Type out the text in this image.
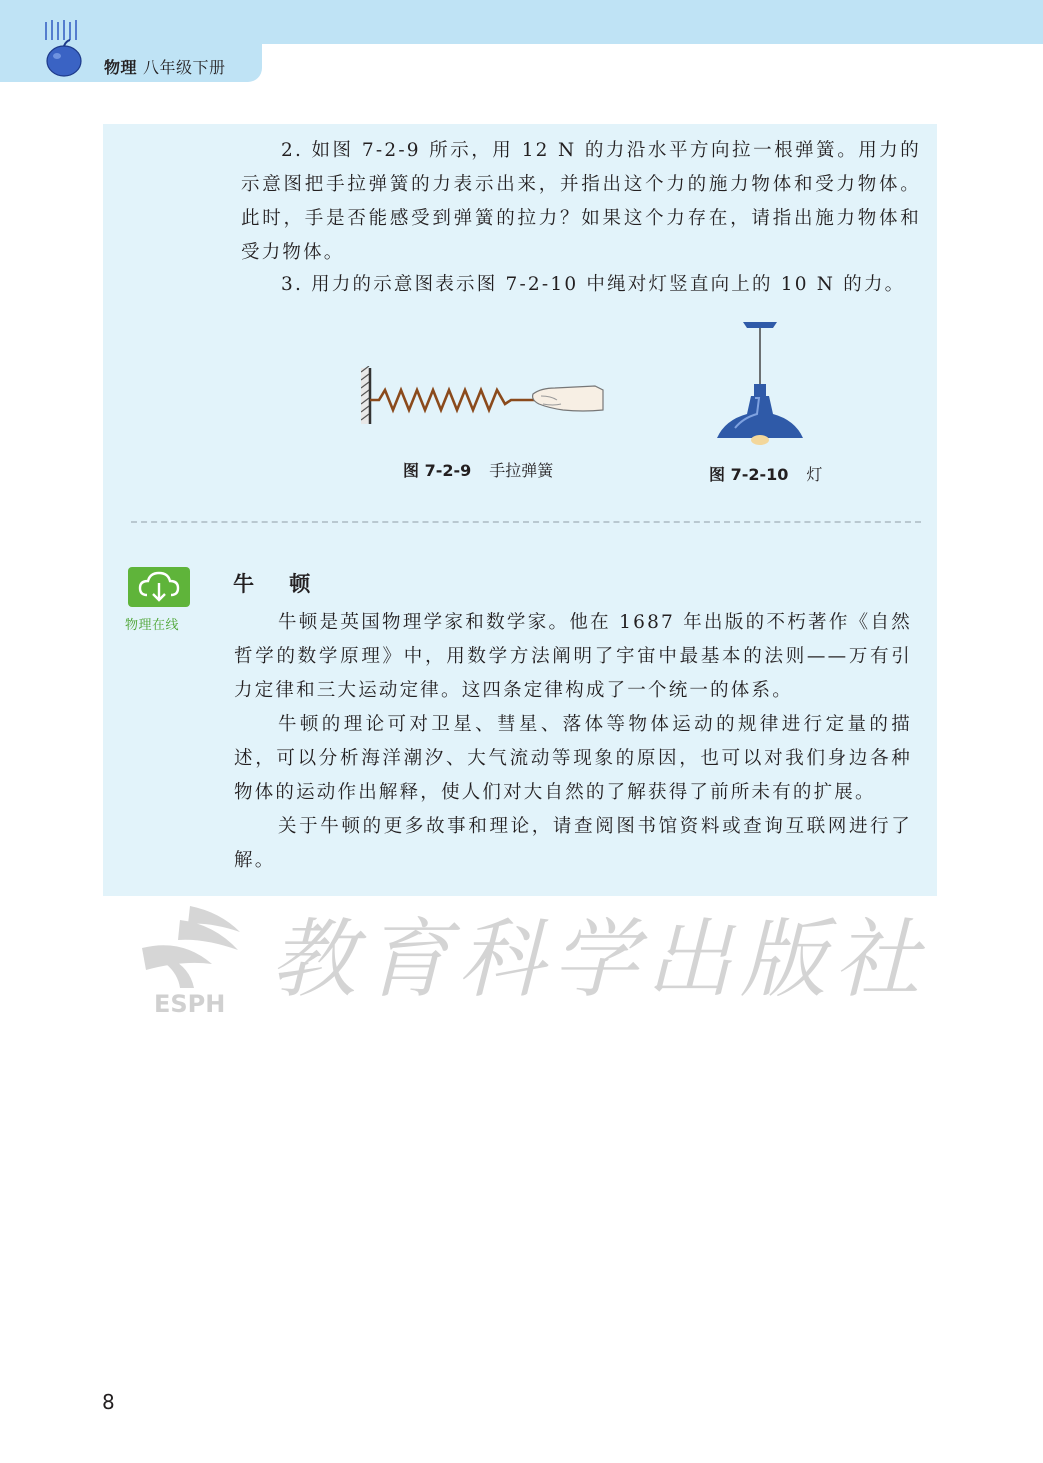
物理 八年级下册
2. 如图 7-2-9 所示，用 12 N 的力沿水平方向拉一根弹簧。用力的示意图把手拉弹簧的力表示出来，并指出这个力的施力物体和受力物体。此时，手是否能感受到弹簧的拉力？如果这个力存在，请指出施力物体和受力物体。
3. 用力的示意图表示图 7-2-10 中绳对灯竖直向上的 10 N 的力。
图 7-2-9 手拉弹簧	图 7-2-10 灯
物理在线
牛 顿
牛顿是英国物理学家和数学家。他在 1687 年出版的不朽著作《自然哲学的数学原理》中，用数学方法阐明了宇宙中最基本的法则——万有引力定律和三大运动定律。这四条定律构成了一个统一的体系。
牛顿的理论可对卫星、彗星、落体等物体运动的规律进行定量的描述，可以分析海洋潮汐、大气流动等现象的原因，也可以对我们身边各种物体的运动作出解释，使人们对大自然的了解获得了前所未有的扩展。
关于牛顿的更多故事和理论，请查阅图书馆资料或查询互联网进行了解。
ESPH 教育科学出版社
8
